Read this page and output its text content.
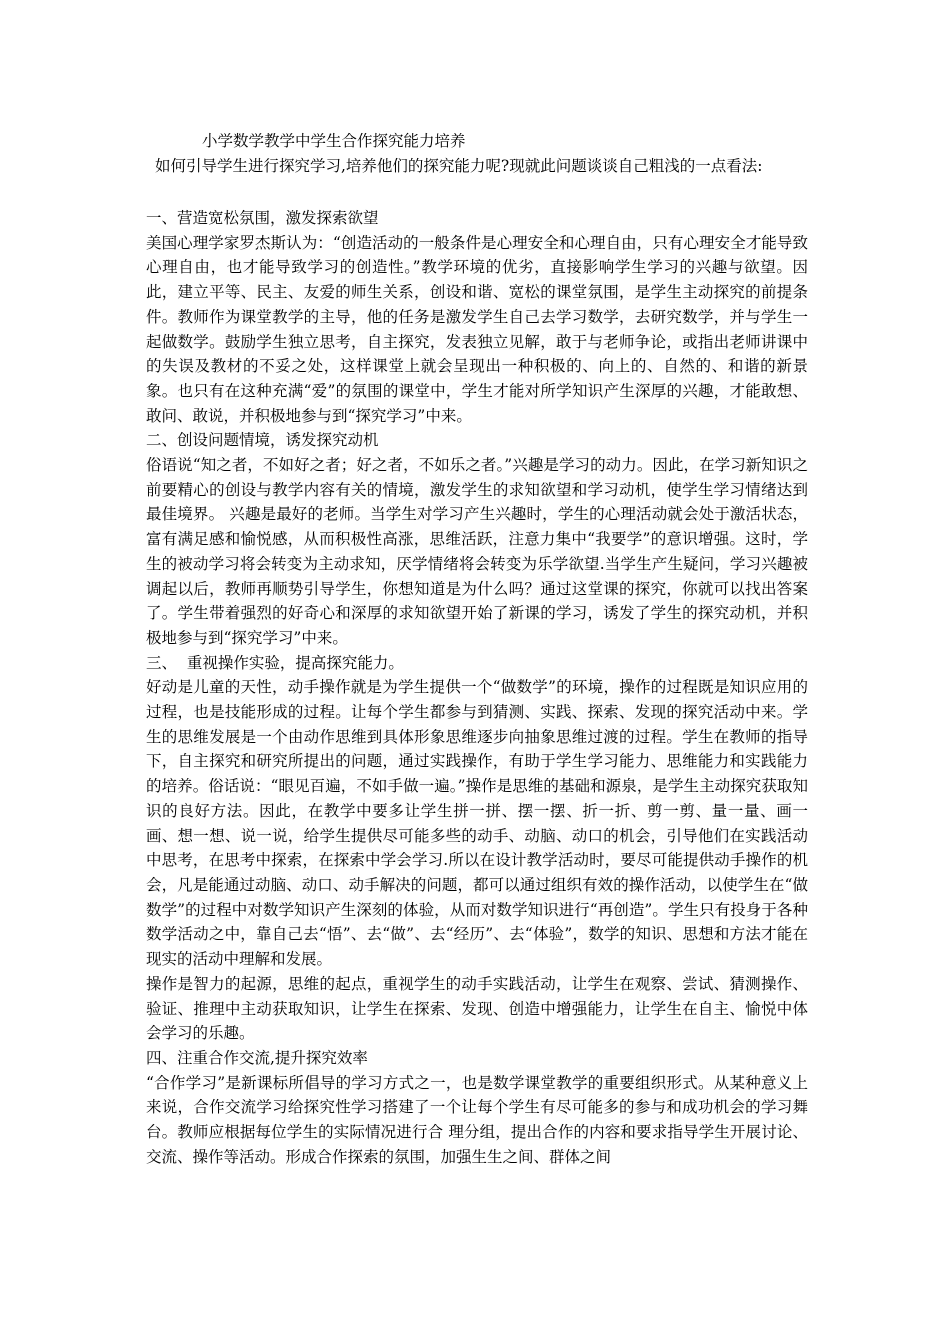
小学数学教学中学生合作探究能力培养
如何引导学生进行探究学习,培养他们的探究能力呢?现就此问题谈谈自己粗浅的一点看法:

一、营造宽松氛围，激发探索欲望

美国心理学家罗杰斯认为：“创造活动的一般条件是心理安全和心理自由，只有心理安全才能导致心理自由，也才能导致学习的创造性。”教学环境的优劣，直接影响学生学习的兴趣与欲望。因此，建立平等、民主、友爱的师生关系，创设和谐、宽松的课堂氛围，是学生主动探究的前提条件。教师作为课堂教学的主导，他的任务是激发学生自己去学习数学，去研究数学，并与学生一起做数学。鼓励学生独立思考，自主探究，发表独立见解，敢于与老师争论，或指出老师讲课中的失误及教材的不妥之处，这样课堂上就会呈现出一种积极的、向上的、自然的、和谐的新景象。也只有在这种充满“爱”的氛围的课堂中，学生才能对所学知识产生深厚的兴趣，才能敢想、敢问、敢说，并积极地参与到“探究学习”中来。

二、创设问题情境，诱发探究动机

俗语说“知之者，不如好之者；好之者，不如乐之者。”兴趣是学习的动力。因此，在学习新知识之前要精心的创设与教学内容有关的情境，激发学生的求知欲望和学习动机，使学生学习情绪达到最佳境界。 兴趣是最好的老师。当学生对学习产生兴趣时，学生的心理活动就会处于激活状态，富有满足感和愉悦感，从而积极性高涨，思维活跃，注意力集中“我要学”的意识增强。这时，学生的被动学习将会转变为主动求知，厌学情绪将会转变为乐学欲望.当学生产生疑问，学习兴趣被调起以后，教师再顺势引导学生，你想知道是为什么吗？通过这堂课的探究，你就可以找出答案了。学生带着强烈的好奇心和深厚的求知欲望开始了新课的学习，诱发了学生的探究动机，并积极地参与到“探究学习”中来。

三、  重视操作实验，提高探究能力。

好动是儿童的天性，动手操作就是为学生提供一个“做数学”的环境，操作的过程既是知识应用的过程，也是技能形成的过程。让每个学生都参与到猜测、实践、探索、发现的探究活动中来。学生的思维发展是一个由动作思维到具体形象思维逐步向抽象思维过渡的过程。学生在教师的指导下，自主探究和研究所提出的问题，通过实践操作，有助于学生学习能力、思维能力和实践能力的培养。俗话说：“眼见百遍，不如手做一遍。”操作是思维的基础和源泉，是学生主动探究获取知识的良好方法。因此，在教学中要多让学生拼一拼、摆一摆、折一折、剪一剪、量一量、画一画、想一想、说一说，给学生提供尽可能多些的动手、动脑、动口的机会，引导他们在实践活动中思考，在思考中探索，在探索中学会学习.所以在设计教学活动时，要尽可能提供动手操作的机会，凡是能通过动脑、动口、动手解决的问题，都可以通过组织有效的操作活动，以使学生在“做数学”的过程中对数学知识产生深刻的体验，从而对数学知识进行“再创造”。学生只有投身于各种数学活动之中，靠自己去“悟”、去“做”、去“经历”、去“体验”，数学的知识、思想和方法才能在现实的活动中理解和发展。

操作是智力的起源，思维的起点，重视学生的动手实践活动，让学生在观察、尝试、猜测操作、验证、推理中主动获取知识，让学生在探索、发现、创造中增强能力，让学生在自主、愉悦中体会学习的乐趣。

四、注重合作交流,提升探究效率

“合作学习”是新课标所倡导的学习方式之一，也是数学课堂教学的重要组织形式。从某种意义上来说，合作交流学习给探究性学习搭建了一个让每个学生有尽可能多的参与和成功机会的学习舞台。教师应根据每位学生的实际情况进行合 理分组，提出合作的内容和要求指导学生开展讨论、交流、操作等活动。形成合作探索的氛围，加强生生之间、群体之间
